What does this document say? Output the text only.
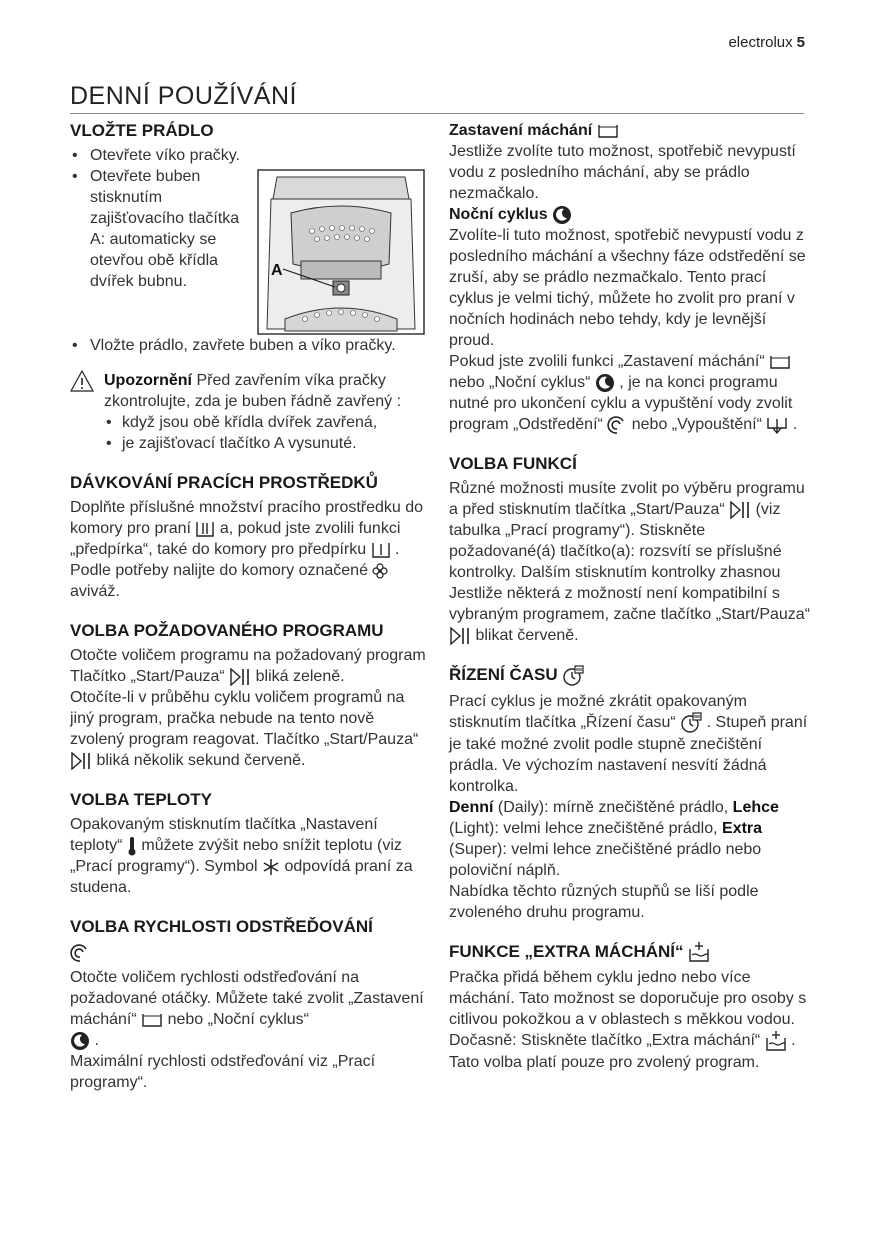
electrolux 5
DENNÍ POUŽÍVÁNÍ
VLOŽTE PRÁDLO
• Otevřete víko pračky.
• Otevřete buben stisknutím zajišťovacího tlačítka A: automaticky se otevřou obě křídla dvířek bubnu.
A
• Vložte prádlo, zavřete buben a víko pračky.

Upozornění Před zavřením víka pračky zkontrolujte, zda je buben řádně zavřený :

• když jsou obě křídla dvířek zavřená,
• je zajišťovací tlačítko A vysunuté.
DÁVKOVÁNÍ PRACÍCH PROSTŘEDKŮ

Doplňte příslušné množství pracího prostředku do komory pro praní a, pokud jste zvolili funkci „předpírka“, také do komory pro předpírku . Podle potřeby nalijte do komory označené  aviváž.

VOLBA POŽADOVANÉHO PROGRAMU

Otočte voličem programu na požadovaný program Tlačítko „Start/Pauza“ bliká zeleně.

Otočíte-li v průběhu cyklu voličem programů na jiný program, pračka nebude na tento nově zvolený program reagovat. Tlačítko „Start/Pauza“  bliká několik sekund červeně.

VOLBA TEPLOTY

Opakovaným stisknutím tlačítka „Nastavení teploty“ můžete zvýšit nebo snížit teplotu (viz „Prací programy“). Symbol odpovídá praní za studena.

VOLBA RYCHLOSTI ODSTŘEĎOVÁNÍ

Otočte voličem rychlosti odstřeďování na požadované otáčky. Můžete také zvolit „Zastavení máchání“ nebo „Noční cyklus“

.

Maximální rychlosti odstřeďování viz „Prací programy“.

Zastavení máchání

Jestliže zvolíte tuto možnost, spotřebič nevypustí vodu z posledního máchání, aby se prádlo nezmačkalo.

Noční cyklus

Zvolíte-li tuto možnost, spotřebič nevypustí vodu z posledního máchání a všechny fáze odstředění se zruší, aby se prádlo nezmačkalo. Tento prací cyklus je velmi tichý, můžete ho zvolit pro praní v nočních hodinách nebo tehdy, kdy je levnější proud.

Pokud jste zvolili funkci „Zastavení máchání“  nebo „Noční cyklus“ , je na konci programu nutné pro ukončení cyklu a vypuštění vody zvolit program „Odstředění“ nebo „Vypouštění“ .

VOLBA FUNKCÍ

Různé možnosti musíte zvolit po výběru programu a před stisknutím tlačítka „Start/Pauza“ (viz tabulka „Prací programy“). Stiskněte požadované(á) tlačítko(a): rozsvítí se příslušné kontrolky. Dalším stisknutím kontrolky zhasnou Jestliže některá z možností není kompatibilní s vybraným programem, začne tlačítko „Start/Pauza“  blikat červeně.

ŘÍZENÍ ČASU

Prací cyklus je možné zkrátit opakovaným stisknutím tlačítka „Řízení času“ . Stupeň praní je také možné zvolit podle stupně znečištění prádla. Ve výchozím nastavení nesvítí žádná kontrolka.

Denní (Daily): mírně znečištěné prádlo, Lehce (Light): velmi lehce znečištěné prádlo, Extra (Super): velmi lehce znečištěné prádlo nebo poloviční náplň.

Nabídka těchto různých stupňů se liší podle zvoleného druhu programu.

FUNKCE „EXTRA MÁCHÁNÍ“

Pračka přidá během cyklu jedno nebo více máchání. Tato možnost se doporučuje pro osoby s citlivou pokožkou a v oblastech s měkkou vodou.

Dočasně: Stiskněte tlačítko „Extra máchání“ . Tato volba platí pouze pro zvolený program.
